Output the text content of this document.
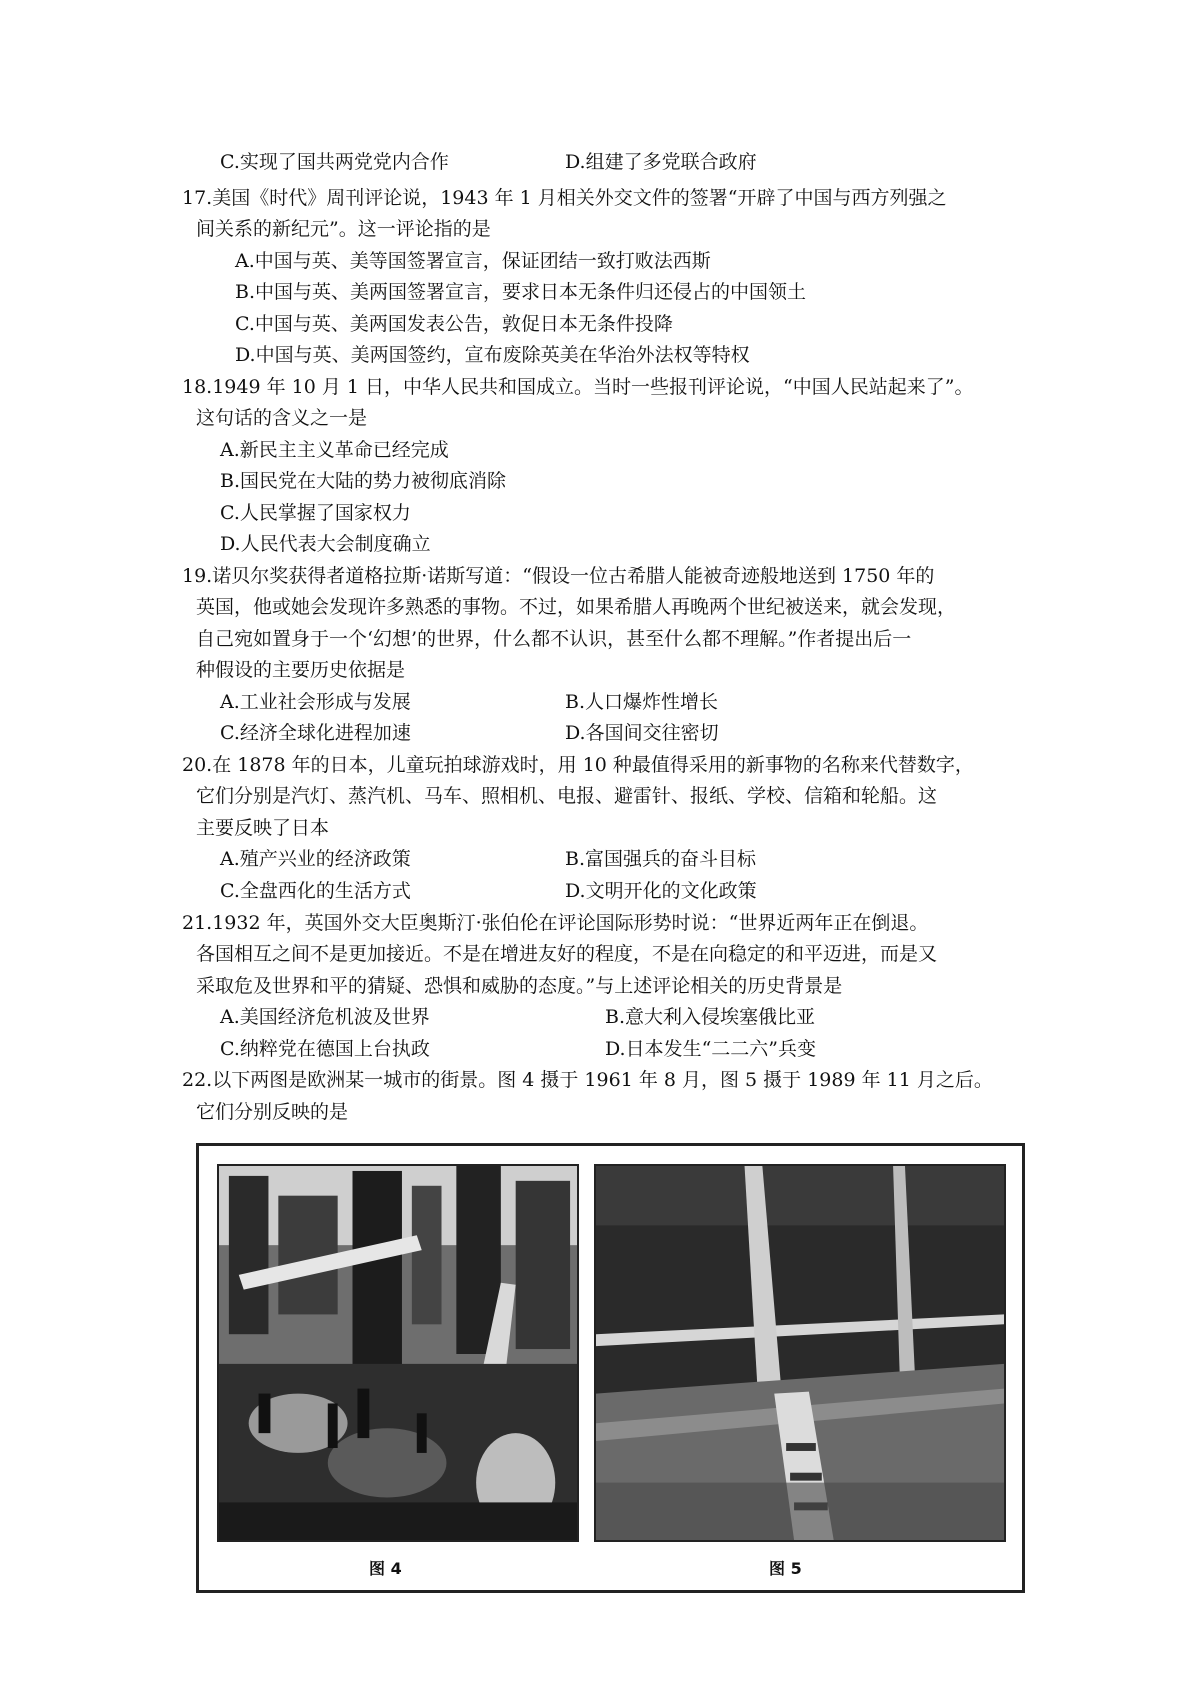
C.实现了国共两党党内合作	D.组建了多党联合政府
17.美国《时代》周刊评论说，1943 年 1 月相关外交文件的签署“开辟了中国与西方列强之
间关系的新纪元”。这一评论指的是
A.中国与英、美等国签署宣言，保证团结一致打败法西斯
B.中国与英、美两国签署宣言，要求日本无条件归还侵占的中国领土
C.中国与英、美两国发表公告，敦促日本无条件投降
D.中国与英、美两国签约，宣布废除英美在华治外法权等特权
18.1949 年 10 月 1 日，中华人民共和国成立。当时一些报刊评论说，“中国人民站起来了”。
这句话的含义之一是
A.新民主主义革命已经完成
B.国民党在大陆的势力被彻底消除
C.人民掌握了国家权力
D.人民代表大会制度确立
19.诺贝尔奖获得者道格拉斯·诺斯写道：“假设一位古希腊人能被奇迹般地送到 1750 年的
英国，他或她会发现许多熟悉的事物。不过，如果希腊人再晚两个世纪被送来，就会发现，
自己宛如置身于一个‘幻想’的世界，什么都不认识，甚至什么都不理解。”作者提出后一
种假设的主要历史依据是
A.工业社会形成与发展	B.人口爆炸性增长
C.经济全球化进程加速	D.各国间交往密切
20.在 1878 年的日本，儿童玩拍球游戏时，用 10 种最值得采用的新事物的名称来代替数字，
它们分别是汽灯、蒸汽机、马车、照相机、电报、避雷针、报纸、学校、信箱和轮船。这
主要反映了日本
A.殖产兴业的经济政策	B.富国强兵的奋斗目标
C.全盘西化的生活方式	D.文明开化的文化政策
21.1932 年，英国外交大臣奥斯汀·张伯伦在评论国际形势时说：“世界近两年正在倒退。
各国相互之间不是更加接近。不是在增进友好的程度，不是在向稳定的和平迈进，而是又
采取危及世界和平的猜疑、恐惧和威胁的态度。”与上述评论相关的历史背景是
A.美国经济危机波及世界	B.意大利入侵埃塞俄比亚
C.纳粹党在德国上台执政	D.日本发生“二二六”兵变
22.以下两图是欧洲某一城市的街景。图 4 摄于 1961 年 8 月，图 5 摄于 1989 年 11 月之后。
它们分别反映的是
图 4	图 5
